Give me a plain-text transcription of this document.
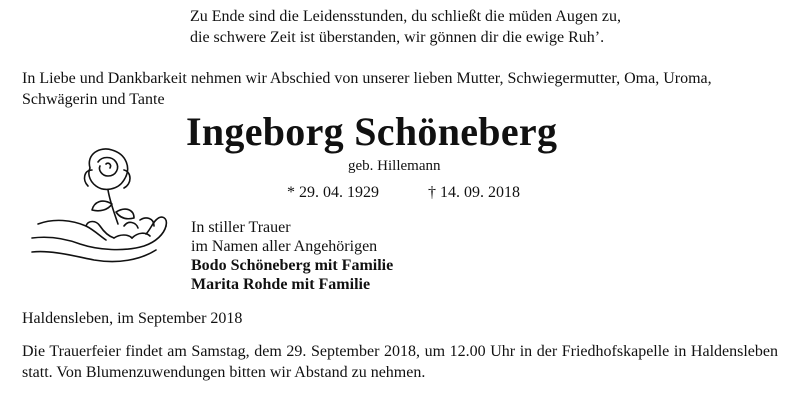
Zu Ende sind die Leidensstunden, du schließt die müden Augen zu,
die schwere Zeit ist überstanden, wir gönnen dir die ewige Ruh’.
In Liebe und Dankbarkeit nehmen wir Abschied von unserer lieben Mutter, Schwiegermutter, Oma, Uroma, Schwägerin und Tante
Ingeborg Schöneberg
geb. Hillemann
* 29. 04. 1929	† 14. 09. 2018
In stiller Trauer
im Namen aller Angehörigen
Bodo Schöneberg mit Familie
Marita Rohde mit Familie
Haldensleben, im September 2018
Die Trauerfeier findet am Samstag, dem 29. September 2018, um 12.00 Uhr in der Friedhofskapelle in Haldensleben statt. Von Blumenzuwendungen bitten wir Abstand zu nehmen.
